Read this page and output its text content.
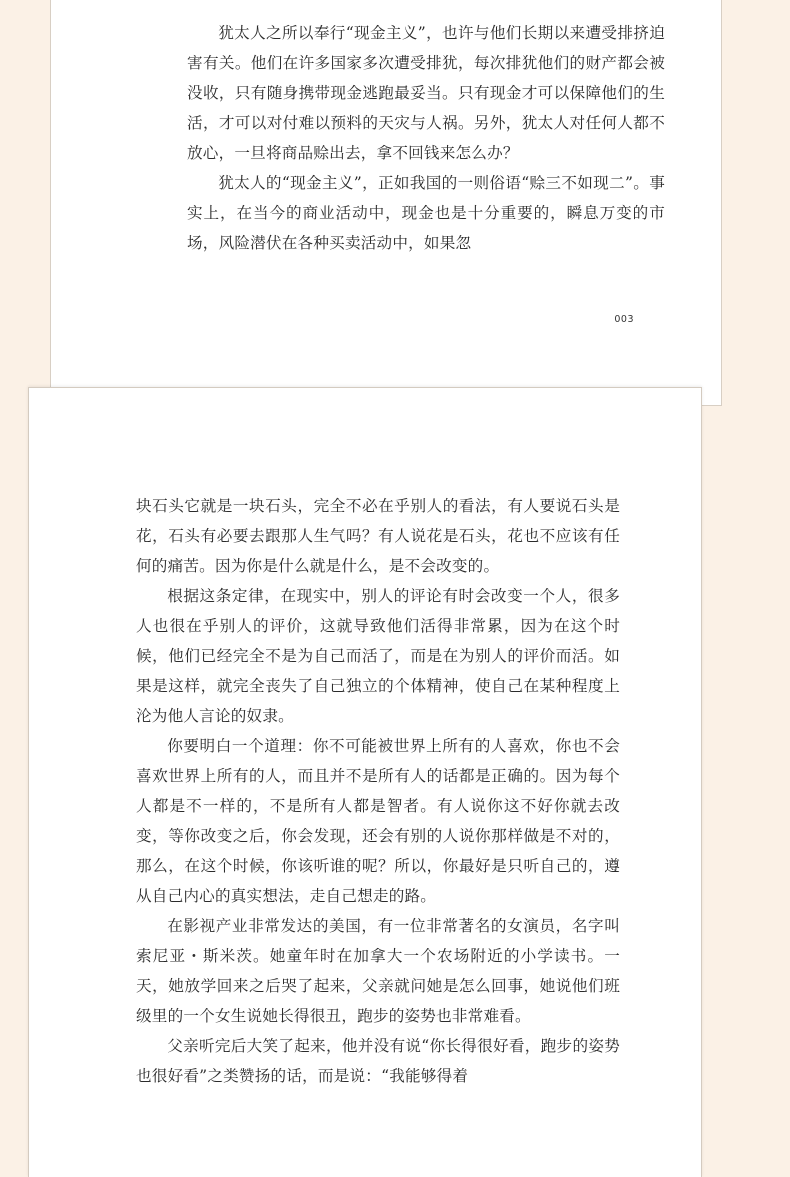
犹太人之所以奉行“现金主义”，也许与他们长期以来遭受排挤迫害有关。他们在许多国家多次遭受排犹，每次排犹他们的财产都会被没收，只有随身携带现金逃跑最妥当。只有现金才可以保障他们的生活，才可以对付难以预料的天灾与人祸。另外，犹太人对任何人都不放心，一旦将商品赊出去，拿不回钱来怎么办？

犹太人的“现金主义”，正如我国的一则俗语“赊三不如现二”。事实上，在当今的商业活动中，现金也是十分重要的，瞬息万变的市场，风险潜伏在各种买卖活动中，如果忽

003

块石头它就是一块石头，完全不必在乎别人的看法，有人要说石头是花，石头有必要去跟那人生气吗？有人说花是石头，花也不应该有任何的痛苦。因为你是什么就是什么，是不会改变的。

根据这条定律，在现实中，别人的评论有时会改变一个人，很多人也很在乎别人的评价，这就导致他们活得非常累，因为在这个时候，他们已经完全不是为自己而活了，而是在为别人的评价而活。如果是这样，就完全丧失了自己独立的个体精神，使自己在某种程度上沦为他人言论的奴隶。

你要明白一个道理：你不可能被世界上所有的人喜欢，你也不会喜欢世界上所有的人，而且并不是所有人的话都是正确的。因为每个人都是不一样的，不是所有人都是智者。有人说你这不好你就去改变，等你改变之后，你会发现，还会有别的人说你那样做是不对的，那么，在这个时候，你该听谁的呢？所以，你最好是只听自己的，遵从自己内心的真实想法，走自己想走的路。

在影视产业非常发达的美国，有一位非常著名的女演员，名字叫索尼亚・斯米茨。她童年时在加拿大一个农场附近的小学读书。一天，她放学回来之后哭了起来，父亲就问她是怎么回事，她说他们班级里的一个女生说她长得很丑，跑步的姿势也非常难看。

父亲听完后大笑了起来，他并没有说“你长得很好看，跑步的姿势也很好看”之类赞扬的话，而是说：“我能够得着
